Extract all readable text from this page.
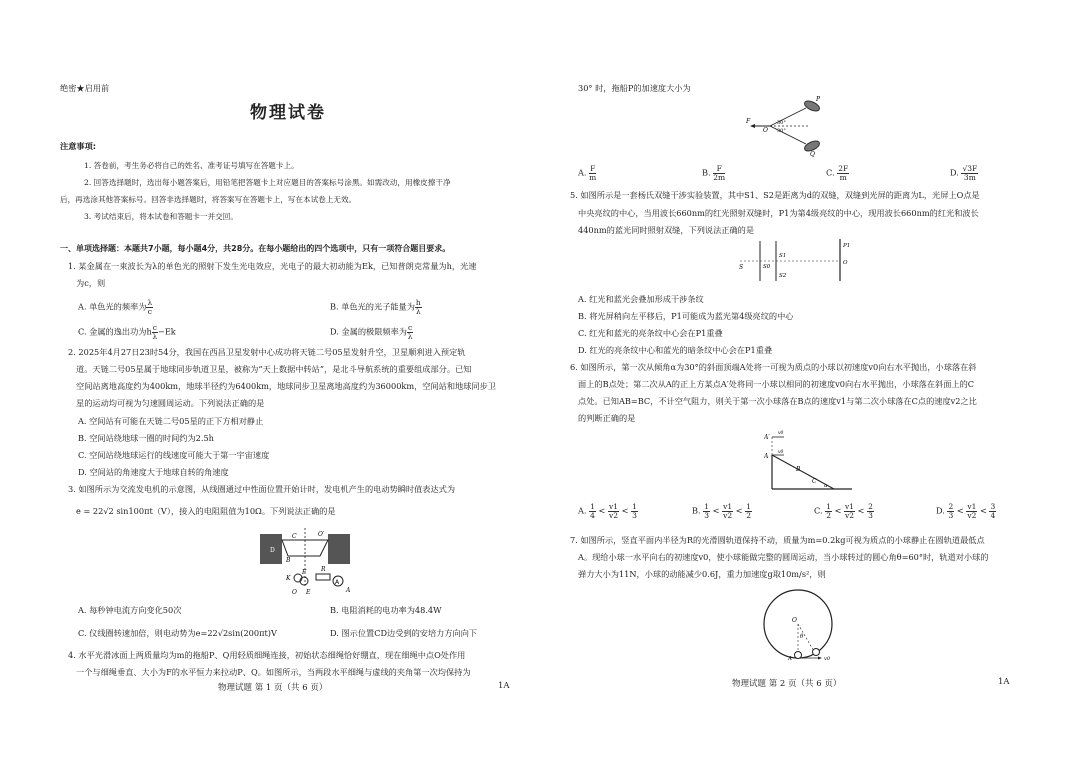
绝密★启用前
物理试卷
注意事项:
1. 答卷前，考生务必将自己的姓名、准考证号填写在答题卡上。
2. 回答选择题时，选出每小题答案后，用铅笔把答题卡上对应题目的答案标号涂黑。如需改动，用橡皮擦干净
后，再选涂其他答案标号。回答非选择题时，将答案写在答题卡上，写在本试卷上无效。
3. 考试结束后，将本试卷和答题卡一并交回。
一、单项选择题：本题共7小题，每小题4分，共28分。在每小题给出的四个选项中，只有一项符合题目要求。
1. 某金属在一束波长为λ的单色光的照射下发生光电效应，光电子的最大初动能为Ek，已知普朗克常量为h，光速
为c，则
A. 单色光的频率为 $\frac{\lambda}{c}$	B. 单色光的光子能量为 $\frac{h}{\lambda}$
C. 金属的逸出功为h $\frac{c}{\lambda} -Ek$	D. 金属的极限频率为 $\frac{c}{\lambda}$
2. 2025年4月27日23时54分，我国在西昌卫星发射中心成功将天链二号05星发射升空，卫星顺利进入预定轨
道。天链二号05星属于地球同步轨道卫星，被称为“天上数据中转站”，是北斗导航系统的重要组成部分。已知
空间站离地高度约为400km，地球半径约为6400km，地球同步卫星离地高度约为36000km，空间站和地球同步卫
星的运动均可视为匀速圆周运动。下列说法正确的是
A. 空间站有可能在天链二号05星的正下方相对静止
B. 空间站绕地球一圈的时间约为2.5h
C. 空间站绕地球运行的线速度可能大于第一宇宙速度
D. 空间站的角速度大于地球自转的角速度
3. 如图所示为交流发电机的示意图，从线圈通过中性面位置开始计时，发电机产生的电动势瞬时值表达式为
e = 22√2 sin100πt（V），接入的电阻阻值为10Ω。下列说法正确的是
A
C
D
O′
B
R
K
O E
F
A
A. 每秒钟电流方向变化50次	B. 电阻消耗的电功率为48.4W
C. 仪线圈转速加倍，则电动势为e=22√2sin(200πt)V	D. 图示位置CD边受到的安培力方向向下
4. 水平光滑冰面上两质量均为m的拖船P、Q用轻质细绳连接，初始状态细绳恰好绷直，现在细绳中点O处作用
一个与细绳垂直、大小为F的水平恒力来拉动P、Q。如图所示，当两段水平细绳与虚线的夹角第一次均保持为
物理试题 第 1 页（共 6 页）	1A
30° 时，拖船P的加速度大小为
P
Q
O
F	30°
30°
A. $\frac{F}{m}$	B. $\frac{F}{2m}$	C. $\frac{2F}{m}$	D. $\frac{√3F}{3m}$
5. 如图所示是一套杨氏双缝干涉实验装置，其中S1、S2是距离为d的双缝，双缝到光屏的距离为L，光屏上O点是
中央亮纹的中心，当用波长660nm的红光照射双缝时，P1为第4级亮纹的中心，现用波长660nm的红光和波长
440nm的蓝光同时照射双缝，下列说法正确的是
S	S0
S1
S2
P1
O
A. 红光和蓝光会叠加形成干涉条纹
B. 将光屏稍向左平移后，P1可能成为蓝光第4级亮纹的中心
C. 红光和蓝光的亮条纹中心会在P1重叠
D. 红光的亮条纹中心和蓝光的暗条纹中心会在P1重叠
6. 如图所示，第一次从倾角α为30°的斜面顶端A处将一可视为质点的小球以初速度v0向右水平抛出，小球落在斜
面上的B点处；第二次从A的正上方某点A′处将同一小球以相同的初速度v0向右水平抛出，小球落在斜面上的C
点处。已知AB=BC，不计空气阻力，则关于第一次小球落在B点的速度v1与第二次小球落在C点的速度v2之比
的判断正确的是
A′
A
v0
v0
B
C
α
A. $\frac{1}{4} < \frac{v1}{v2} < \frac{1}{3}$	B. $\frac{1}{3} < \frac{v1}{v2} < \frac{1}{2}$	C. $\frac{1}{2} < \frac{v1}{v2} < \frac{2}{3}$	D. $\frac{2}{3} < \frac{v1}{v2} < \frac{3}{4}$
7. 如图所示，竖直平面内半径为R的光滑圆轨道保持不动，质量为m=0.2kg可视为质点的小球静止在圆轨道最低点
A。现给小球一水平向右的初速度v0，使小球能做完整的圆周运动，当小球转过的圆心角θ=60°时，轨道对小球的
弹力大小为11N，小球的动能减少0.6J，重力加速度g取10m/s²，则
O
θ
A	v0
物理试题 第 2 页（共 6 页）	1A
